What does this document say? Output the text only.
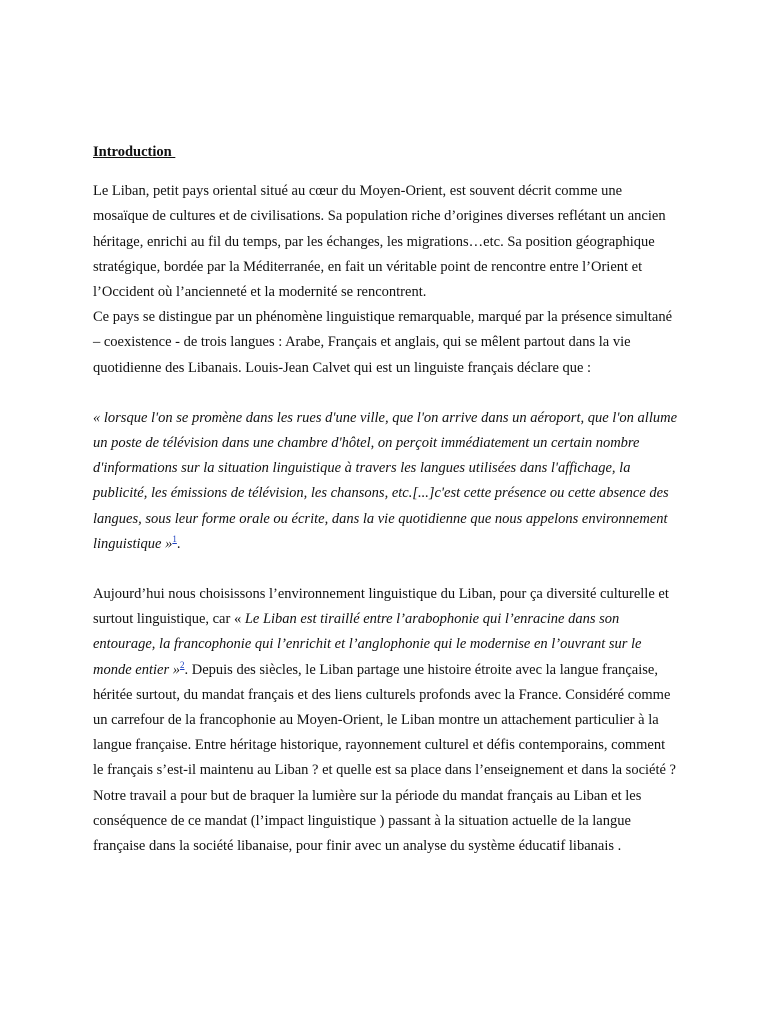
Introduction

Le Liban, petit pays oriental situé au cœur du Moyen-Orient, est souvent décrit comme une mosaïque de cultures et de civilisations. Sa population riche d’origines diverses reflétant un ancien héritage, enrichi au fil du temps, par les échanges, les migrations…etc. Sa position géographique stratégique, bordée par la Méditerranée, en fait un véritable point de rencontre entre l’Orient et l’Occident où l’ancienneté et la modernité se rencontrent.

Ce pays se distingue par un phénomène linguistique remarquable, marqué par la présence simultané – coexistence - de trois langues : Arabe, Français et anglais, qui se mêlent partout dans la vie quotidienne des Libanais. Louis-Jean Calvet qui est un linguiste français déclare que :

« lorsque l'on se promène dans les rues d'une ville, que l'on arrive dans un aéroport, que l'on allume un poste de télévision dans une chambre d'hôtel, on perçoit immédiatement un certain nombre d'informations sur la situation linguistique à travers les langues utilisées dans l'affichage, la publicité, les émissions de télévision, les chansons, etc.[...]c'est cette présence ou cette absence des langues, sous leur forme orale ou écrite, dans la vie quotidienne que nous appelons environnement linguistique »$^1$.

Aujourd’hui nous choisissons l’environnement linguistique du Liban, pour ça diversité culturelle et surtout linguistique, car « Le Liban est tiraillé entre l’arabophonie qui l’enracine dans son entourage, la francophonie qui l’enrichit et l’anglophonie qui le modernise en l’ouvrant sur le monde entier »$^2$. Depuis des siècles, le Liban partage une histoire étroite avec la langue française, héritée surtout, du mandat français et des liens culturels profonds avec la France. Considéré comme un carrefour de la francophonie au Moyen-Orient, le Liban montre un attachement particulier à la langue française. Entre héritage historique, rayonnement culturel et défis contemporains, comment le français s’est-il maintenu au Liban ? et quelle est sa place dans l’enseignement et dans la société ?

Notre travail a pour but de braquer la lumière sur la période du mandat français au Liban et les conséquence de ce mandat (l’impact linguistique ) passant à la situation actuelle de la langue française dans la société libanaise, pour finir avec un analyse du système éducatif libanais .
